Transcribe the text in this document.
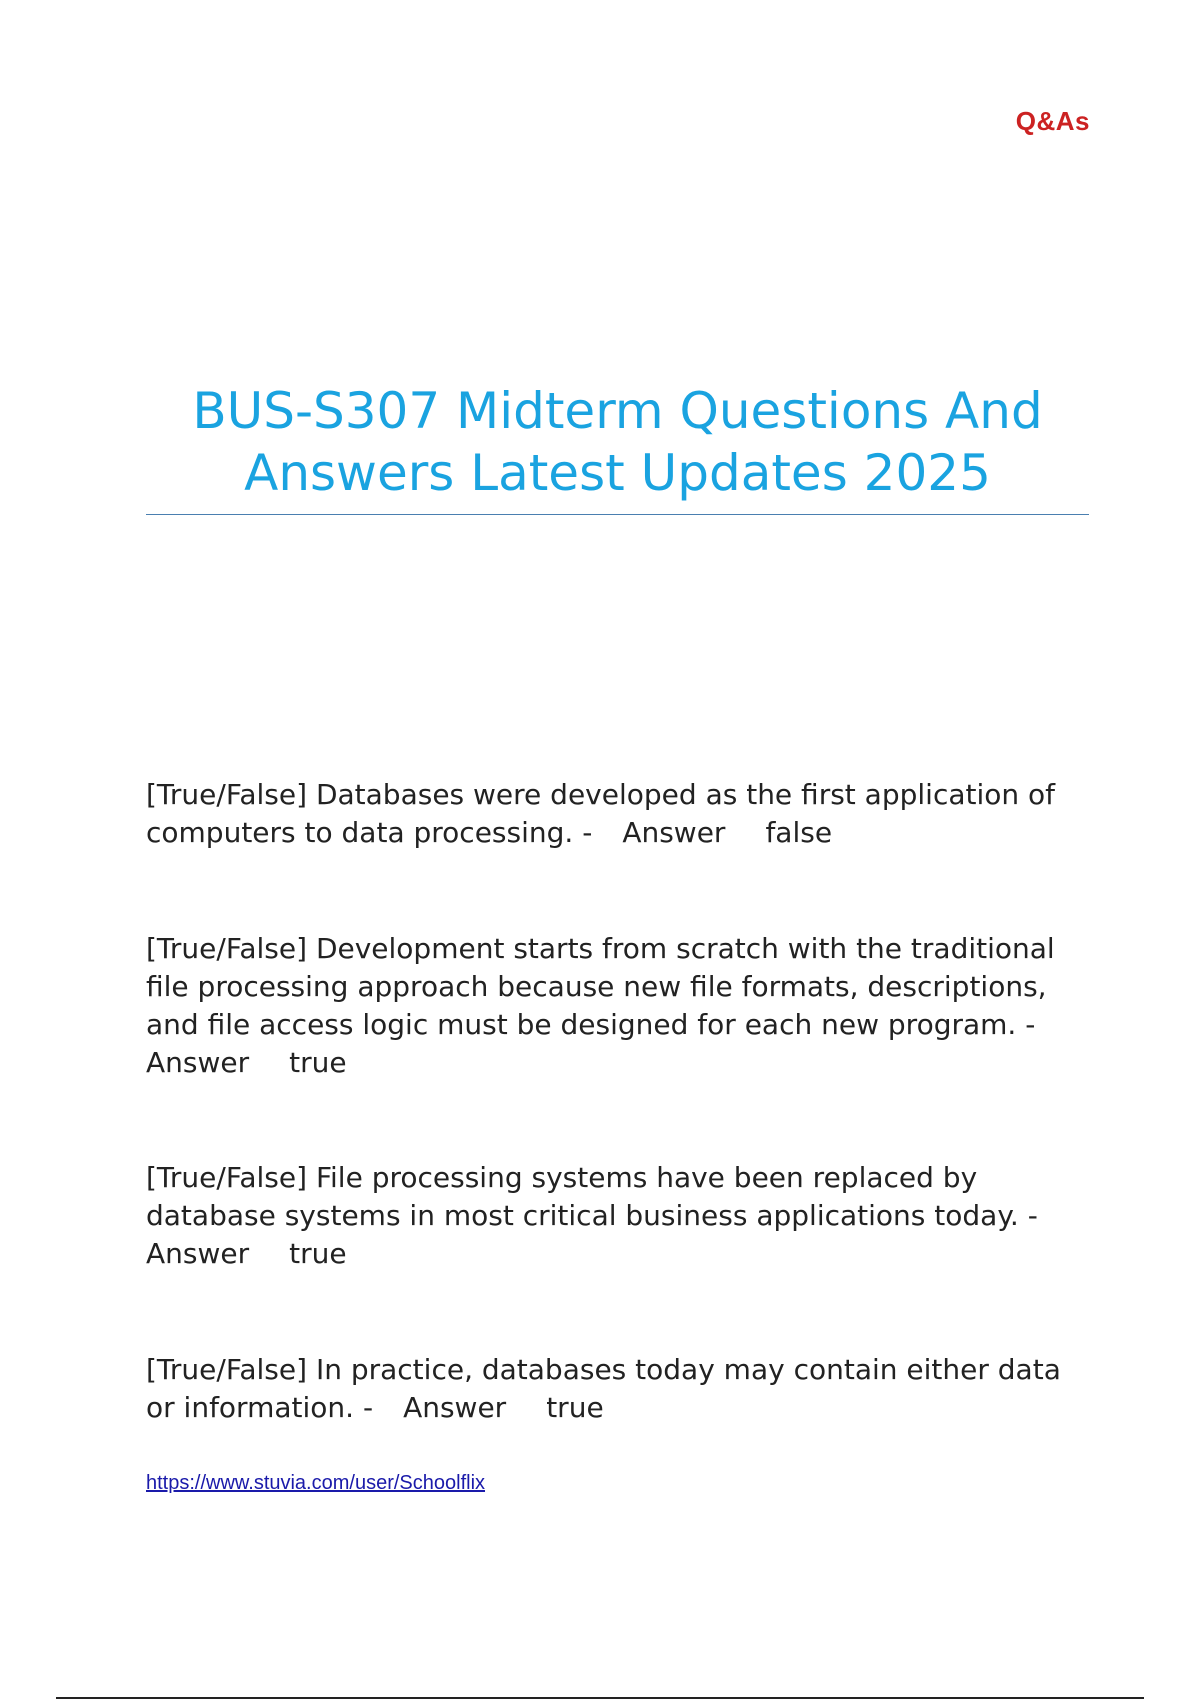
Q&As
BUS-S307 Midterm Questions And
Answers Latest Updates 2025
[True/False] Databases were developed as the first application of computers to data processing. - Answer false
[True/False] Development starts from scratch with the traditional file processing approach because new file formats, descriptions, and file access logic must be designed for each new program. - Answer true
[True/False] File processing systems have been replaced by database systems in most critical business applications today. - Answer true
[True/False] In practice, databases today may contain either data or information. - Answer true
https://www.stuvia.com/user/Schoolflix
